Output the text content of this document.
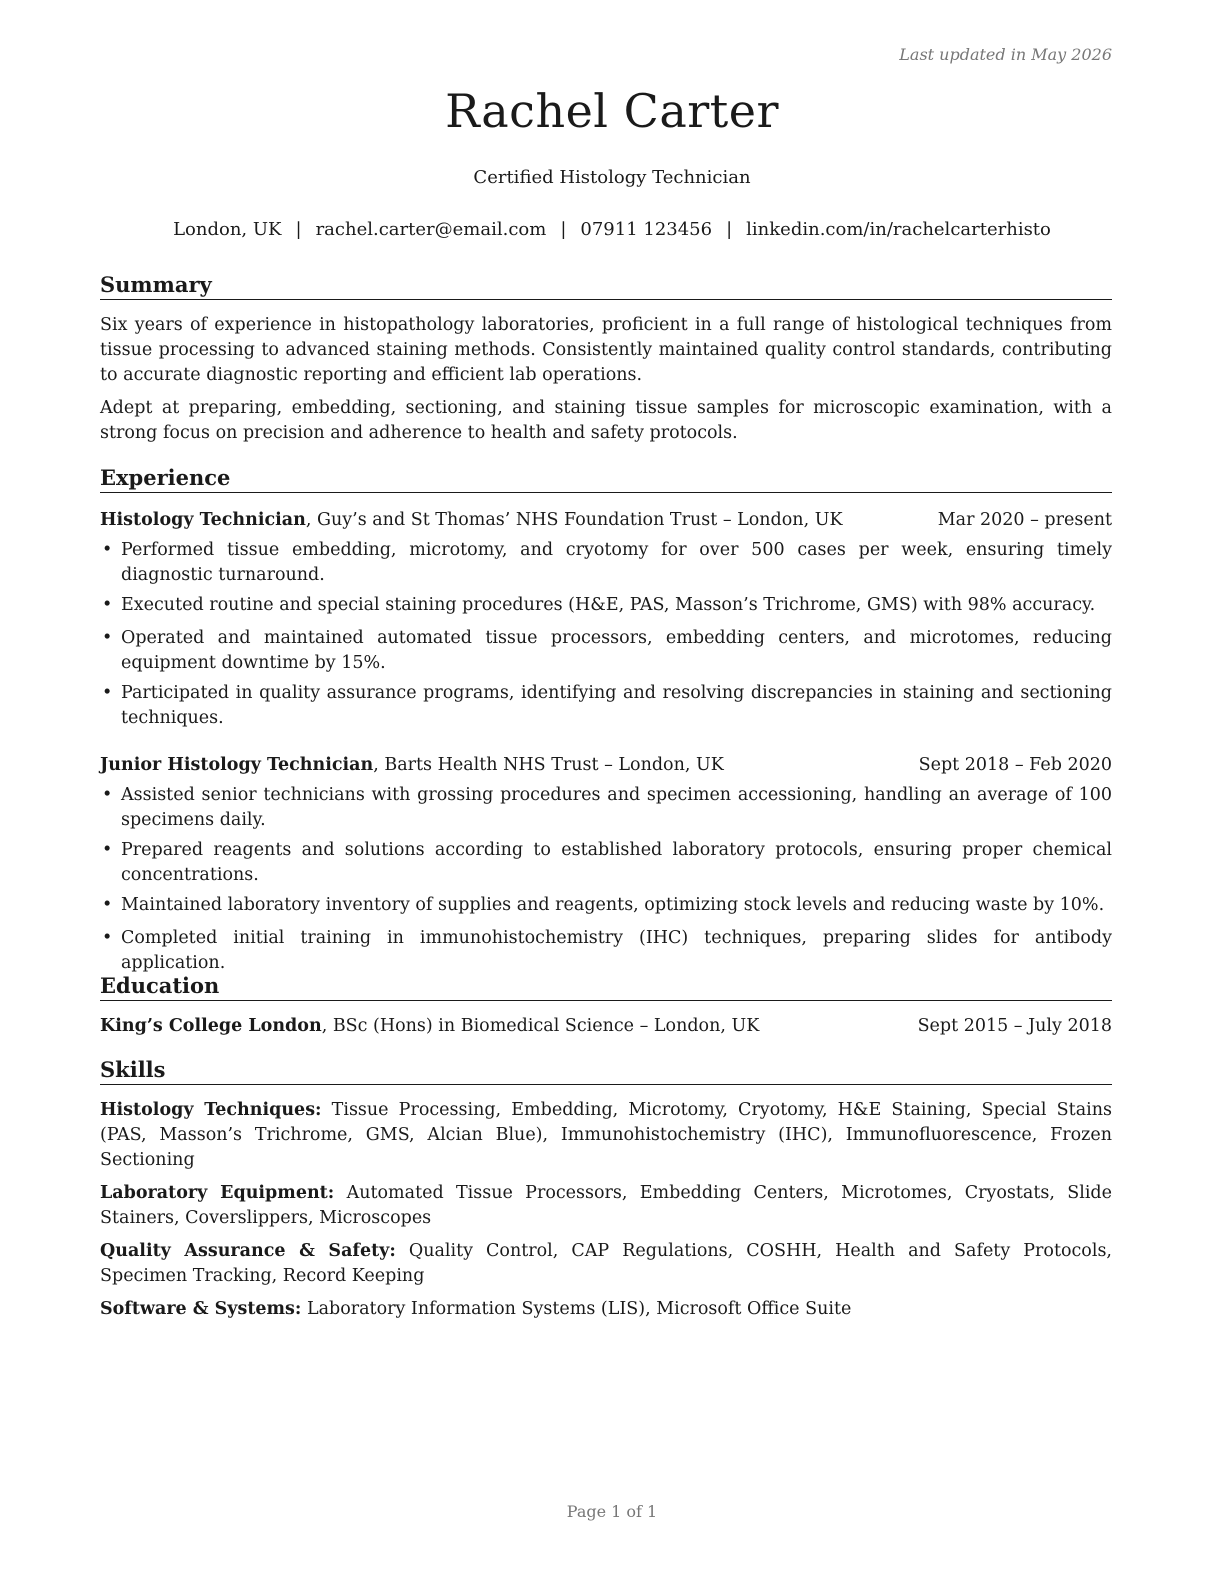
Last updated in May 2026
Rachel Carter
Certified Histology Technician
London, UK | rachel.carter@email.com | 07911 123456 | linkedin.com/in/rachelcarterhisto
Summary

Six years of experience in histopathology laboratories, proficient in a full range of histological techniques from tissue processing to advanced staining methods. Consistently maintained quality control standards, contributing to accurate diagnostic reporting and efficient lab operations.

Adept at preparing, embedding, sectioning, and staining tissue samples for microscopic examination, with a strong focus on precision and adherence to health and safety protocols.

Experience
Histology Technician, Guy’s and St Thomas’ NHS Foundation Trust – London, UK	Mar 2020 – present
• Performed tissue embedding, microtomy, and cryotomy for over 500 cases per week, ensuring timely diagnostic turnaround.
• Executed routine and special staining procedures (H&E, PAS, Masson’s Trichrome, GMS) with 98% accuracy.
• Operated and maintained automated tissue processors, embedding centers, and microtomes, reducing equipment downtime by 15%.
• Participated in quality assurance programs, identifying and resolving discrepancies in staining and sectioning techniques.
Junior Histology Technician, Barts Health NHS Trust – London, UK	Sept 2018 – Feb 2020
• Assisted senior technicians with grossing procedures and specimen accessioning, handling an average of 100 specimens daily.
• Prepared reagents and solutions according to established laboratory protocols, ensuring proper chemical concentrations.
• Maintained laboratory inventory of supplies and reagents, optimizing stock levels and reducing waste by 10%.
• Completed initial training in immunohistochemistry (IHC) techniques, preparing slides for antibody application.
Education
King’s College London, BSc (Hons) in Biomedical Science – London, UK	Sept 2015 – July 2018
Skills

Histology Techniques: Tissue Processing, Embedding, Microtomy, Cryotomy, H&E Staining, Special Stains (PAS, Masson’s Trichrome, GMS, Alcian Blue), Immunohistochemistry (IHC), Immunofluorescence, Frozen Sectioning

Laboratory Equipment: Automated Tissue Processors, Embedding Centers, Microtomes, Cryostats, Slide Stainers, Coverslippers, Microscopes

Quality Assurance & Safety: Quality Control, CAP Regulations, COSHH, Health and Safety Protocols, Specimen Tracking, Record Keeping

Software & Systems: Laboratory Information Systems (LIS), Microsoft Office Suite

Page 1 of 1
